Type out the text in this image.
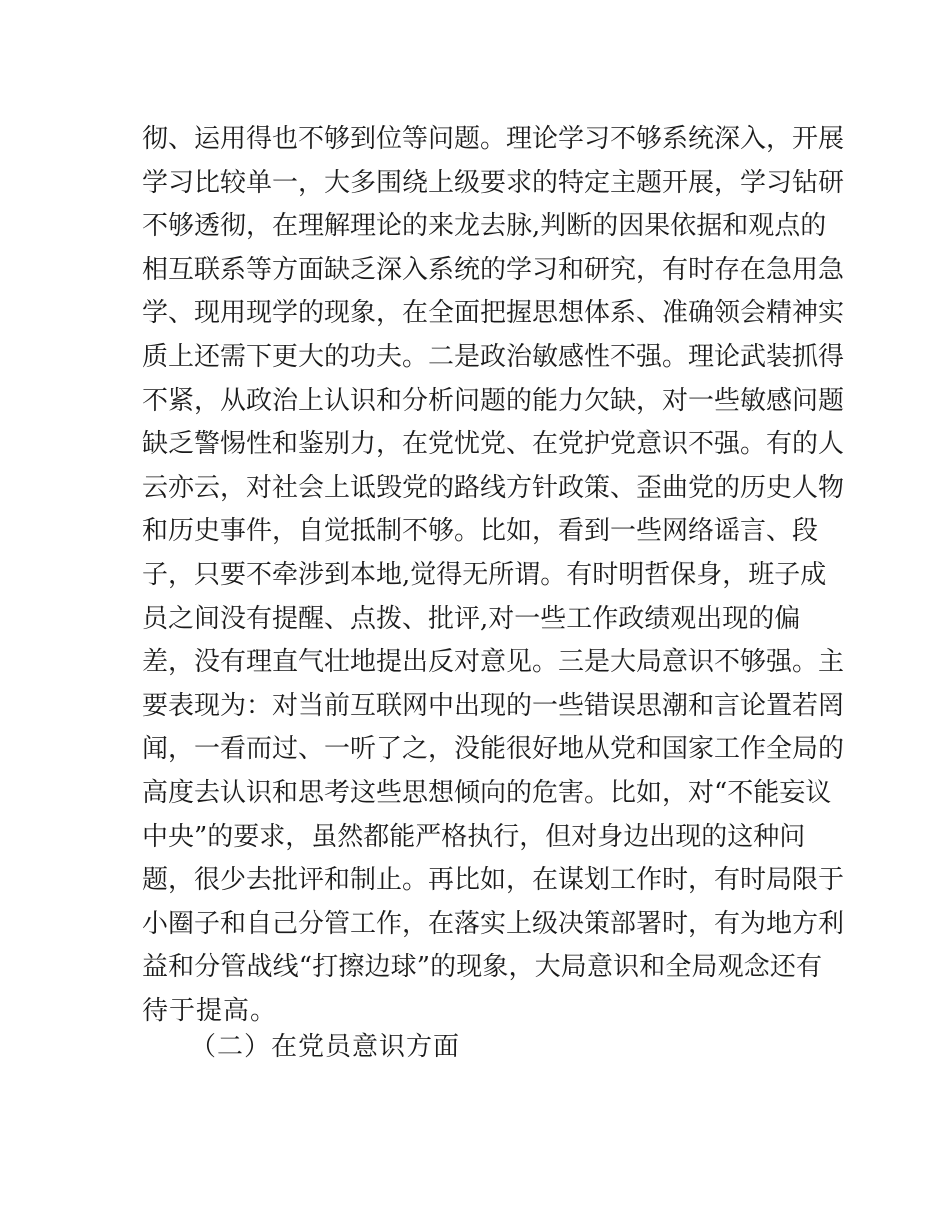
彻、运用得也不够到位等问题。理论学习不够系统深入，开展
学习比较单一，大多围绕上级要求的特定主题开展，学习钻研
不够透彻，在理解理论的来龙去脉,判断的因果依据和观点的
相互联系等方面缺乏深入系统的学习和研究，有时存在急用急
学、现用现学的现象，在全面把握思想体系、准确领会精神实
质上还需下更大的功夫。二是政治敏感性不强。理论武装抓得
不紧，从政治上认识和分析问题的能力欠缺，对一些敏感问题
缺乏警惕性和鉴别力，在党忧党、在党护党意识不强。有的人
云亦云，对社会上诋毁党的路线方针政策、歪曲党的历史人物
和历史事件，自觉抵制不够。比如，看到一些网络谣言、段
子，只要不牵涉到本地,觉得无所谓。有时明哲保身，班子成
员之间没有提醒、点拨、批评,对一些工作政绩观出现的偏
差，没有理直气壮地提出反对意见。三是大局意识不够强。主
要表现为：对当前互联网中出现的一些错误思潮和言论置若罔
闻，一看而过、一听了之，没能很好地从党和国家工作全局的
高度去认识和思考这些思想倾向的危害。比如，对“不能妄议
中央”的要求，虽然都能严格执行，但对身边出现的这种问
题，很少去批评和制止。再比如，在谋划工作时，有时局限于
小圈子和自己分管工作，在落实上级决策部署时，有为地方利
益和分管战线“打擦边球”的现象，大局意识和全局观念还有
待于提高。
（二）在党员意识方面
